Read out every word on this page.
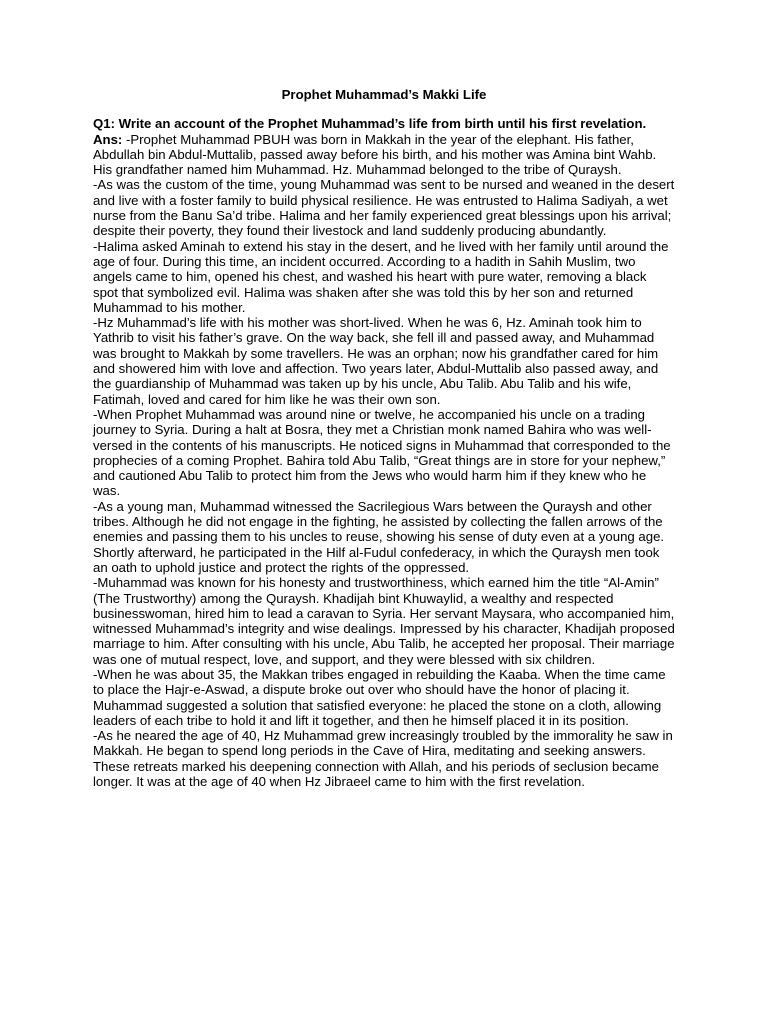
Prophet Muhammad’s Makki Life
Q1: Write an account of the Prophet Muhammad’s life from birth until his first revelation.
Ans: -Prophet Muhammad PBUH was born in Makkah in the year of the elephant. His father, Abdullah bin Abdul-Muttalib, passed away before his birth, and his mother was Amina bint Wahb. His grandfather named him Muhammad. Hz. Muhammad belonged to the tribe of Quraysh.
-As was the custom of the time, young Muhammad was sent to be nursed and weaned in the desert and live with a foster family to build physical resilience. He was entrusted to Halima Sadiyah, a wet nurse from the Banu Sa’d tribe. Halima and her family experienced great blessings upon his arrival; despite their poverty, they found their livestock and land suddenly producing abundantly.
-Halima asked Aminah to extend his stay in the desert, and he lived with her family until around the age of four. During this time, an incident occurred. According to a hadith in Sahih Muslim, two angels came to him, opened his chest, and washed his heart with pure water, removing a black spot that symbolized evil. Halima was shaken after she was told this by her son and returned Muhammad to his mother.
-Hz Muhammad’s life with his mother was short-lived. When he was 6, Hz. Aminah took him to Yathrib to visit his father’s grave. On the way back, she fell ill and passed away, and Muhammad was brought to Makkah by some travellers. He was an orphan; now his grandfather cared for him and showered him with love and affection. Two years later, Abdul-Muttalib also passed away, and the guardianship of Muhammad was taken up by his uncle, Abu Talib. Abu Talib and his wife, Fatimah, loved and cared for him like he was their own son.
-When Prophet Muhammad was around nine or twelve, he accompanied his uncle on a trading journey to Syria. During a halt at Bosra, they met a Christian monk named Bahira who was well-versed in the contents of his manuscripts. He noticed signs in Muhammad that corresponded to the prophecies of a coming Prophet. Bahira told Abu Talib, “Great things are in store for your nephew,” and cautioned Abu Talib to protect him from the Jews who would harm him if they knew who he was.
-As a young man, Muhammad witnessed the Sacrilegious Wars between the Quraysh and other tribes. Although he did not engage in the fighting, he assisted by collecting the fallen arrows of the enemies and passing them to his uncles to reuse, showing his sense of duty even at a young age. Shortly afterward, he participated in the Hilf al-Fudul confederacy, in which the Quraysh men took an oath to uphold justice and protect the rights of the oppressed.
-Muhammad was known for his honesty and trustworthiness, which earned him the title “Al-Amin” (The Trustworthy) among the Quraysh. Khadijah bint Khuwaylid, a wealthy and respected businesswoman, hired him to lead a caravan to Syria. Her servant Maysara, who accompanied him, witnessed Muhammad’s integrity and wise dealings. Impressed by his character, Khadijah proposed marriage to him. After consulting with his uncle, Abu Talib, he accepted her proposal. Their marriage was one of mutual respect, love, and support, and they were blessed with six children.
-When he was about 35, the Makkan tribes engaged in rebuilding the Kaaba. When the time came to place the Hajr-e-Aswad, a dispute broke out over who should have the honor of placing it. Muhammad suggested a solution that satisfied everyone: he placed the stone on a cloth, allowing leaders of each tribe to hold it and lift it together, and then he himself placed it in its position.
-As he neared the age of 40, Hz Muhammad grew increasingly troubled by the immorality he saw in Makkah. He began to spend long periods in the Cave of Hira, meditating and seeking answers. These retreats marked his deepening connection with Allah, and his periods of seclusion became longer. It was at the age of 40 when Hz Jibraeel came to him with the first revelation.
